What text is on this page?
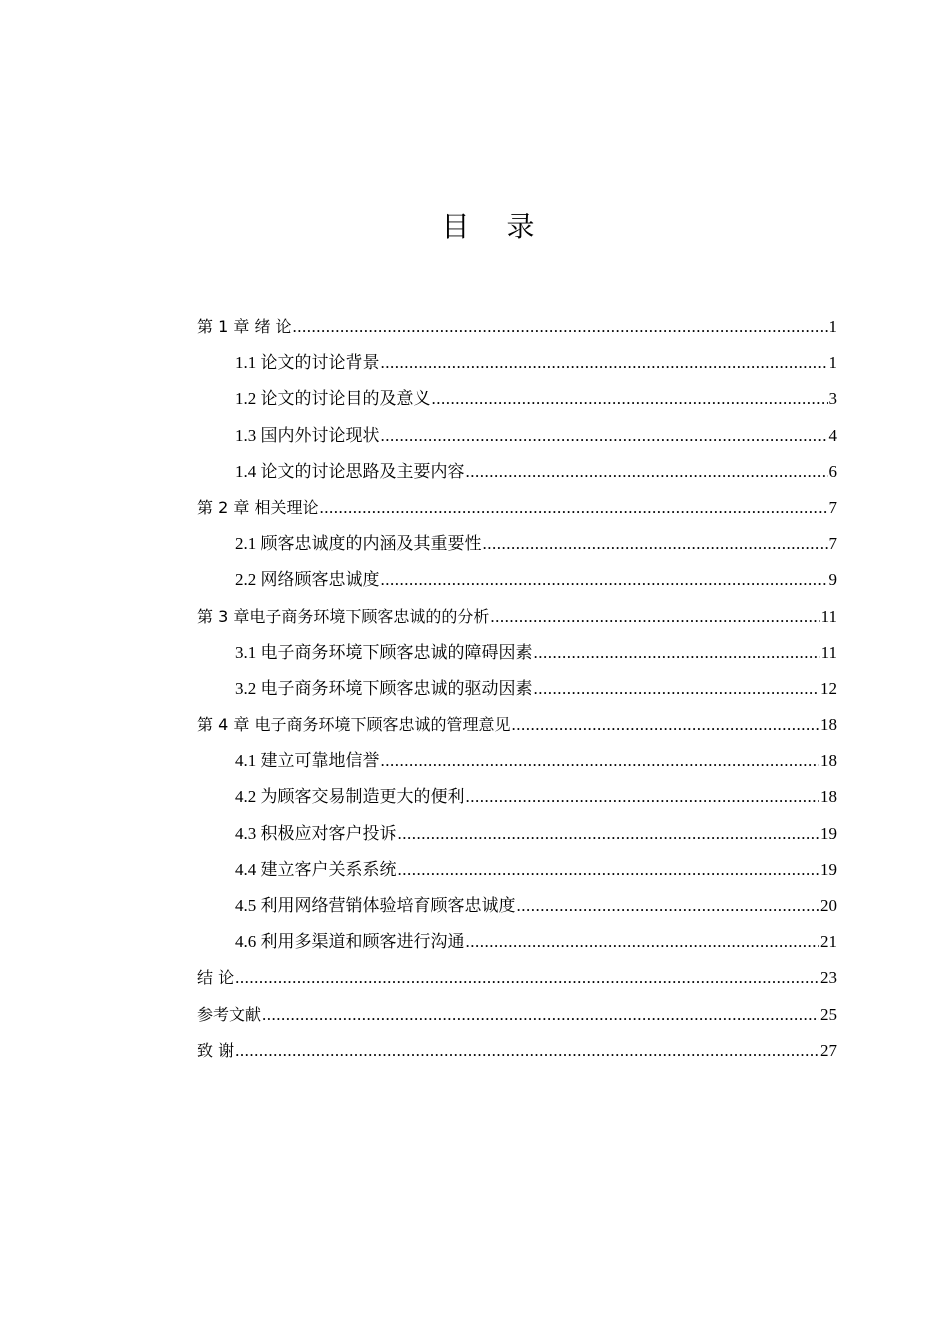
目 录
第 1 章 绪 论 .....	1
1.1 论文的讨论背景 .....	1
1.2 论文的讨论目的及意义 .....	3
1.3 国内外讨论现状 .....	4
1.4 论文的讨论思路及主要内容 .....	6
第 2 章 相关理论 .....	7
2.1 顾客忠诚度的内涵及其重要性 .....	7
2.2 网络顾客忠诚度 .....	9
第 3 章电子商务环境下顾客忠诚的的分析 .....	11
3.1 电子商务环境下顾客忠诚的障碍因素 .....	11
3.2 电子商务环境下顾客忠诚的驱动因素 .....	12
第 4 章 电子商务环境下顾客忠诚的管理意见 .....	18
4.1 建立可靠地信誉 .....	18
4.2 为顾客交易制造更大的便利 .....	18
4.3 积极应对客户投诉 .....	19
4.4 建立客户关系系统 .....	19
4.5 利用网络营销体验培育顾客忠诚度 .....	20
4.6 利用多渠道和顾客进行沟通 .....	21
结 论 .....	23
参考文献 .....	25
致 谢 .....	27
